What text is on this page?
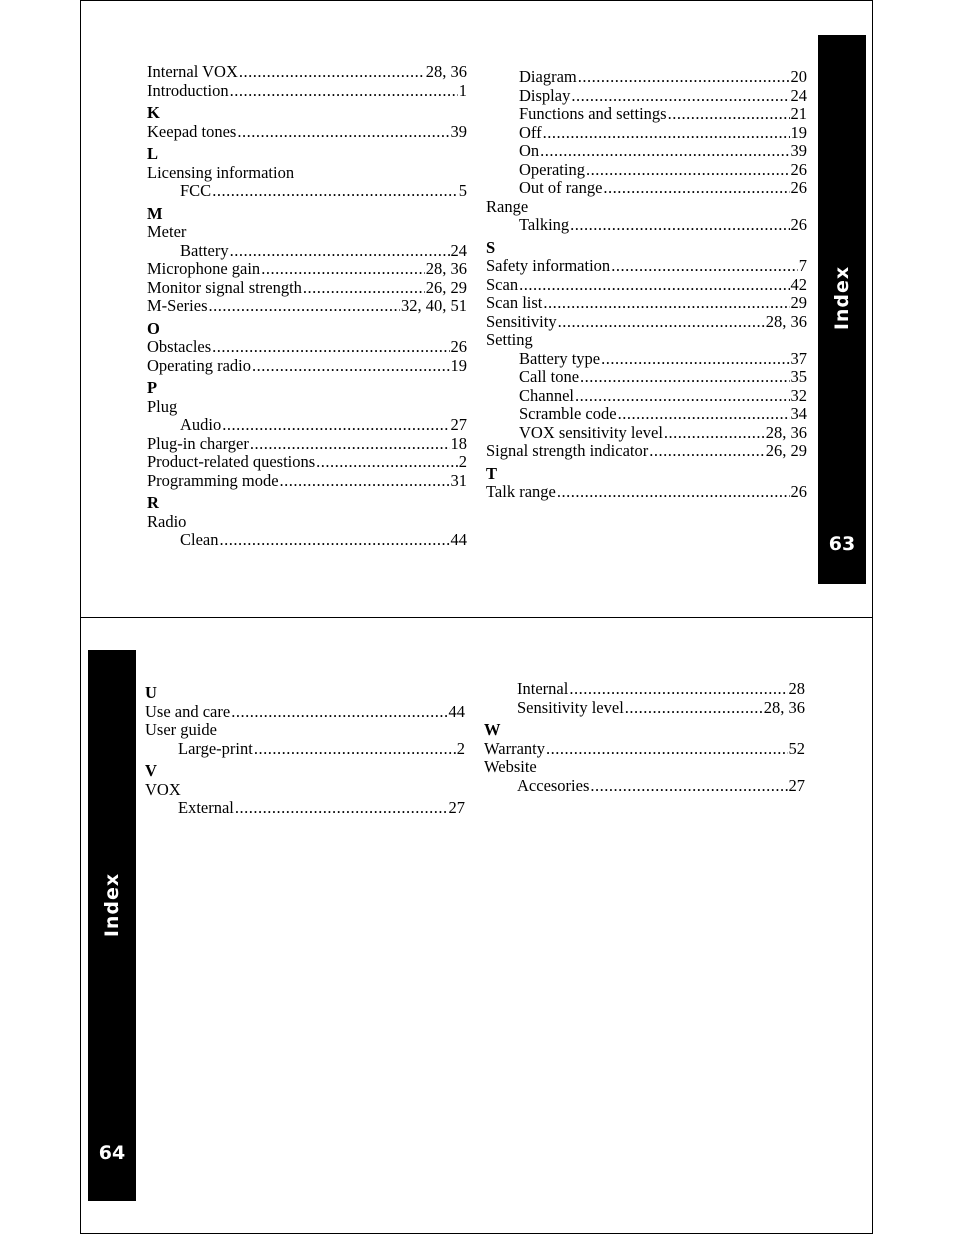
Internal VOX .....	28, 36
Introduction .....	1
K
Keepad tones .....	39
L
Licensing information
FCC .....	5
M
Meter
Battery .....	24
Microphone gain .....	28, 36
Monitor signal strength .....	26, 29
M-Series .....	32, 40, 51
O
Obstacles .....	26
Operating radio .....	19
P
Plug
Audio .....	27
Plug-in charger .....	18
Product-related questions .....	2
Programming mode .....	31
R
Radio
Clean .....	44
Diagram .....	20
Display .....	24
Functions and settings .....	21
Off .....	19
On .....	39
Operating .....	26
Out of range .....	26
Range
Talking .....	26
S
Safety information .....	7
Scan .....	42
Scan list .....	29
Sensitivity .....	28, 36
Setting
Battery type .....	37
Call tone .....	35
Channel .....	32
Scramble code .....	34
VOX sensitivity level .....	28, 36
Signal strength indicator .....	26, 29
T
Talk range .....	26
Index
63
Index
64
U
Use and care .....	44
User guide
Large-print .....	2
V
VOX
External .....	27
Internal .....	28
Sensitivity level .....	28, 36
W
Warranty .....	52
Website
Accesories .....	27
